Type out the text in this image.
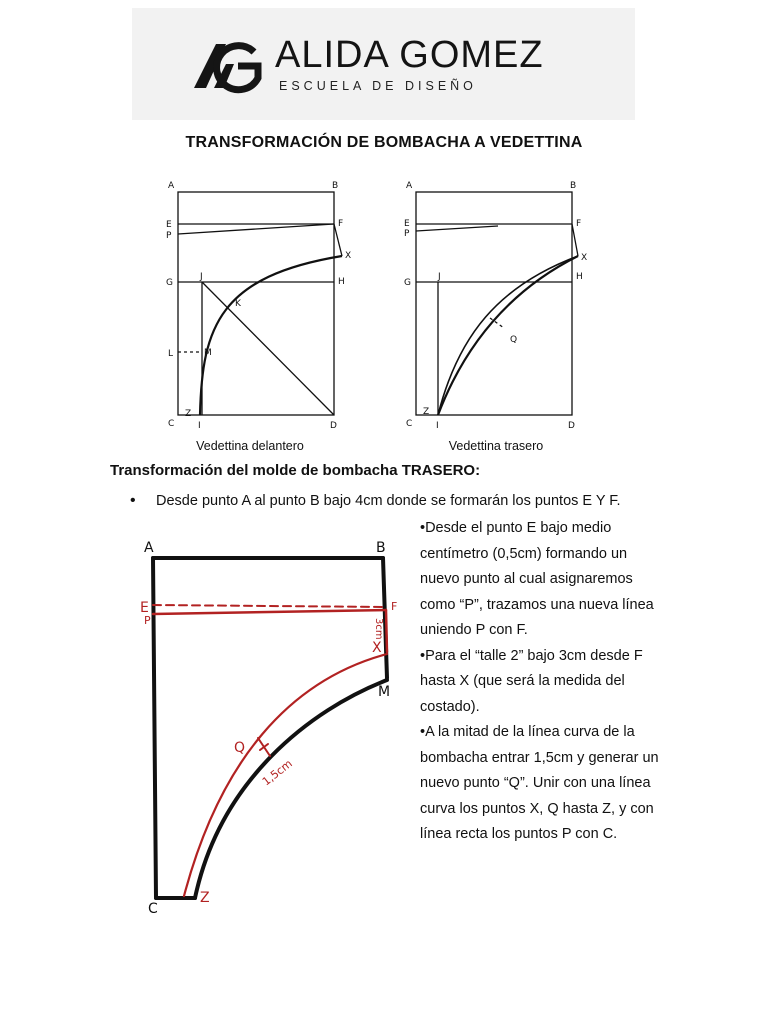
ALIDA GOMEZ
ESCUELA DE DISEÑO
TRANSFORMACIÓN DE BOMBACHA A VEDETTINA
A	B
E
P
F
X
G
J	H
K
L	M
Z
I
C	D
Vedettina delantero
A	B
E
P
F
X
G
J	H
Q
Z
I
C	D
Vedettina trasero
Transformación del molde de bombacha TRASERO:
• Desde punto A al punto B bajo 4cm donde se formarán los puntos E Y F.
A	B
E
P
F
3cm
X
M
Q
1,5cm
C
Z

•Desde el punto E bajo medio centímetro (0,5cm) formando un nuevo punto al cual asignaremos como “P”, trazamos una nueva línea uniendo P con F.

•Para el “talle 2” bajo 3cm desde F hasta X (que será la medida del costado).

•A la mitad de la línea curva de la bombacha entrar 1,5cm y generar un nuevo punto “Q”. Unir con una línea curva los puntos X, Q hasta Z, y con línea recta los puntos P con C.
